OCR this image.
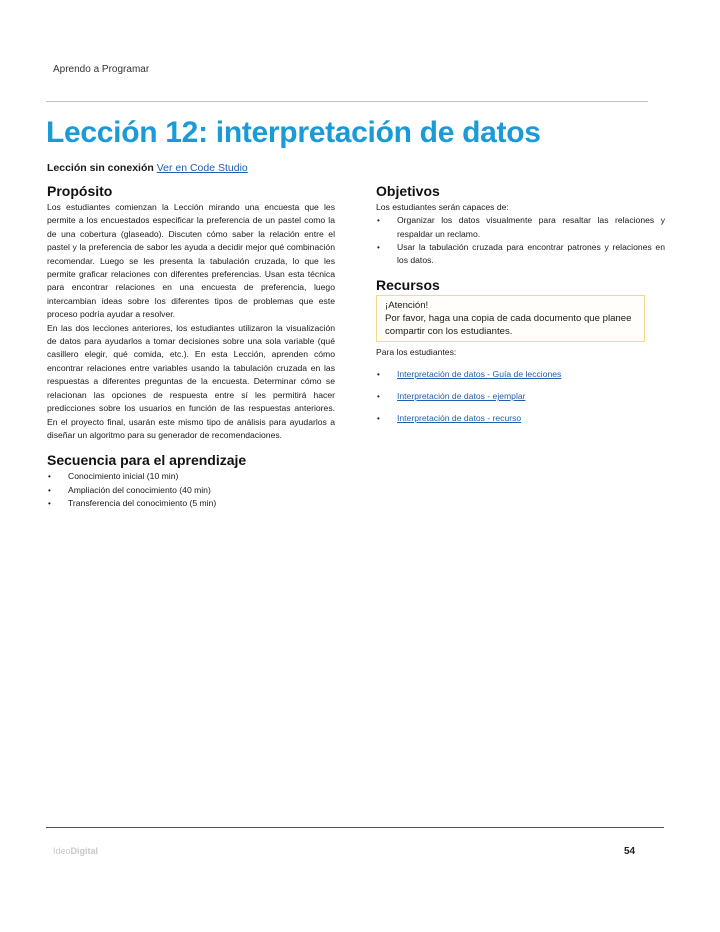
Aprendo a Programar
Lección 12: interpretación de datos
Lección sin conexión Ver en Code Studio
Propósito

Los estudiantes comienzan la Lección mirando una encuesta que les permite a los encuestados especificar la preferencia de un pastel como la de una cobertura (glaseado). Discuten cómo saber la relación entre el pastel y la preferencia de sabor les ayuda a decidir mejor qué combinación recomendar. Luego se les presenta la tabulación cruzada, lo que les permite graficar relaciones con diferentes preferencias. Usan esta técnica para encontrar relaciones en una encuesta de preferencia, luego intercambian ideas sobre los diferentes tipos de problemas que este proceso podría ayudar a resolver.

En las dos lecciones anteriores, los estudiantes utilizaron la visualización de datos para ayudarlos a tomar decisiones sobre una sola variable (qué casillero elegir, qué comida, etc.). En esta Lección, aprenden cómo encontrar relaciones entre variables usando la tabulación cruzada en las respuestas a diferentes preguntas de la encuesta. Determinar cómo se relacionan las opciones de respuesta entre sí les permitirá hacer predicciones sobre los usuarios en función de las respuestas anteriores. En el proyecto final, usarán este mismo tipo de análisis para ayudarlos a diseñar un algoritmo para su generador de recomendaciones.

Secuencia para el aprendizaje
• Conocimiento inicial (10 min)
• Ampliación del conocimiento (40 min)
• Transferencia del conocimiento (5 min)
Objetivos

Los estudiantes serán capaces de:

• Organizar los datos visualmente para resaltar las relaciones y respaldar un reclamo.
• Usar la tabulación cruzada para encontrar patrones y relaciones en los datos.
Recursos
¡Atención!
Por favor, haga una copia de cada documento que planee compartir con los estudiantes.
Para los estudiantes:
• Interpretación de datos - Guía de lecciones
• Interpretación de datos - ejemplar
• Interpretación de datos - recurso
IdeoDigital	54
